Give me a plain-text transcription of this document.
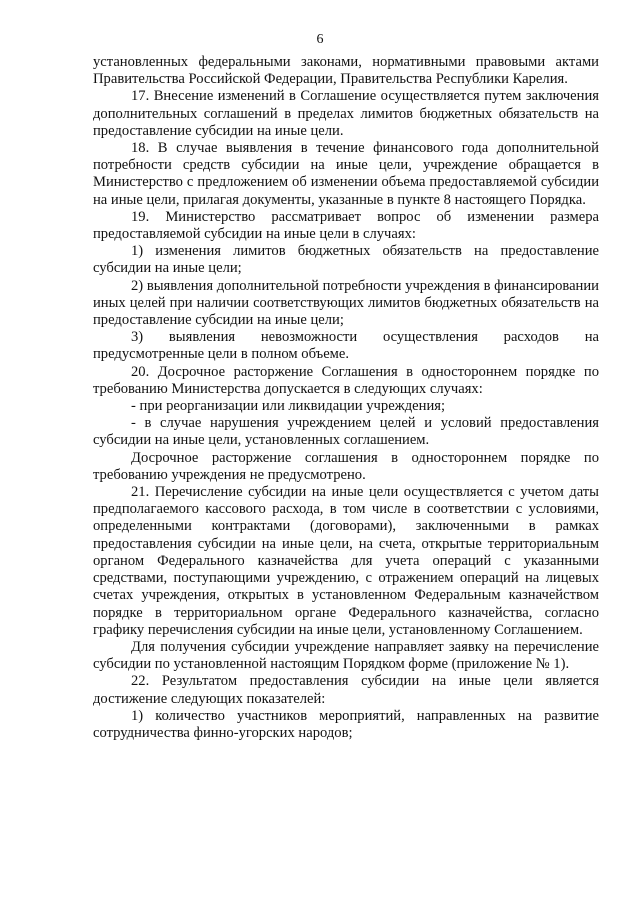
6

установленных федеральными законами, нормативными правовыми актами Правительства Российской Федерации, Правительства Республики Карелия.

17. Внесение изменений в Соглашение осуществляется путем заключения дополнительных соглашений в пределах лимитов бюджетных обязательств на предоставление субсидии на иные цели.

18. В случае выявления в течение финансового года дополнительной потребности средств субсидии на иные цели, учреждение обращается в Министерство с предложением об изменении объема предоставляемой субсидии на иные цели, прилагая документы, указанные в пункте 8 настоящего Порядка.

19. Министерство рассматривает вопрос об изменении размера предоставляемой субсидии на иные цели в случаях:

1) изменения лимитов бюджетных обязательств на предоставление субсидии на иные цели;

2) выявления дополнительной потребности учреждения в финансировании иных целей при наличии соответствующих лимитов бюджетных обязательств на предоставление субсидии на иные цели;

3) выявления невозможности осуществления расходов на предусмотренные цели в полном объеме.

20. Досрочное расторжение Соглашения в одностороннем порядке по требованию Министерства допускается в следующих случаях:

- при реорганизации или ликвидации учреждения;

- в случае нарушения учреждением целей и условий предоставления субсидии на иные цели, установленных соглашением.

Досрочное расторжение соглашения в одностороннем порядке по требованию учреждения не предусмотрено.

21. Перечисление субсидии на иные цели осуществляется с учетом даты предполагаемого кассового расхода, в том числе в соответствии с условиями, определенными контрактами (договорами), заключенными в рамках предоставления субсидии на иные цели, на счета, открытые территориальным органом Федерального казначейства для учета операций с указанными средствами, поступающими учреждению, с отражением операций на лицевых счетах учреждения, открытых в установленном Федеральным казначейством порядке в территориальном органе Федерального казначейства, согласно графику перечисления субсидии на иные цели, установленному Соглашением.

Для получения субсидии учреждение направляет заявку на перечисление субсидии по установленной настоящим Порядком форме (приложение № 1).

22. Результатом предоставления субсидии на иные цели является достижение следующих показателей:

1) количество участников мероприятий, направленных на развитие сотрудничества финно-угорских народов;
